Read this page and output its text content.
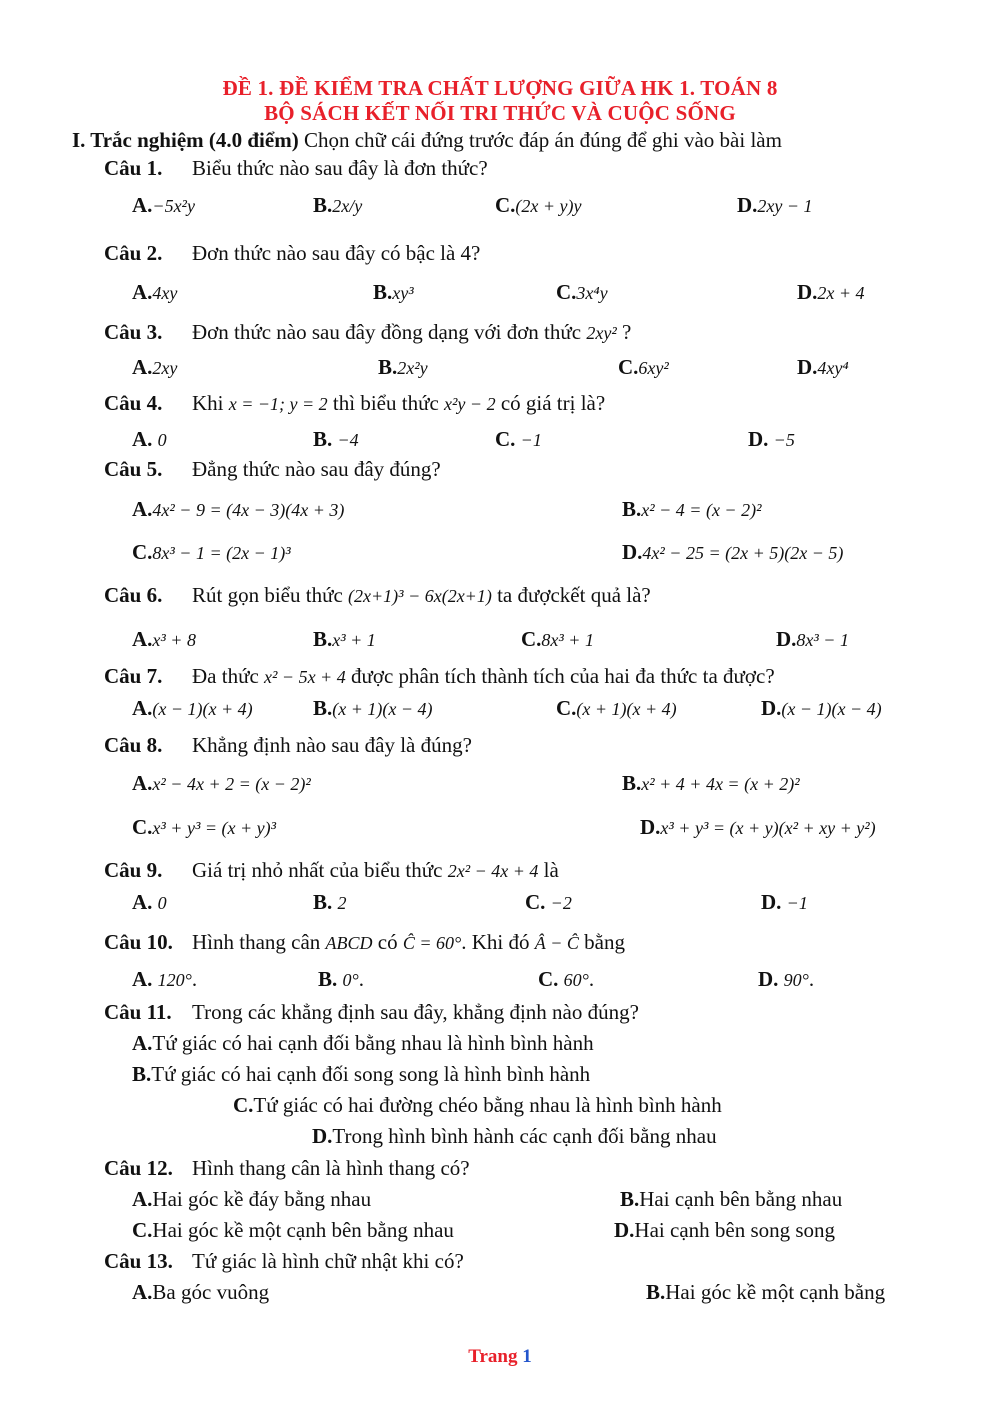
ĐỀ 1. ĐỀ KIỂM TRA CHẤT LƯỢNG GIỮA HK 1. TOÁN 8
BỘ SÁCH KẾT NỐI TRI THỨC VÀ CUỘC SỐNG
I. Trắc nghiệm (4.0 điểm) Chọn chữ cái đứng trước đáp án đúng để ghi vào bài làm
Câu 1. Biểu thức nào sau đây là đơn thức?
A.−5x²y	B.2x/y	C.(2x + y)y	D.2xy − 1
Câu 2. Đơn thức nào sau đây có bậc là 4?
A.4xy	B.xy³	C.3x⁴y	D.2x + 4
Câu 3. Đơn thức nào sau đây đồng dạng với đơn thức 2xy² ?
A.2xy	B.2x²y	C.6xy²	D.4xy⁴
Câu 4. Khi x = −1; y = 2 thì biểu thức x²y − 2 có giá trị là?
A. 0	B. −4	C. −1	D. −5
Câu 5. Đẳng thức nào sau đây đúng?
A.4x² − 9 = (4x − 3)(4x + 3)	B.x² − 4 = (x − 2)²
C.8x³ − 1 = (2x − 1)³	D.4x² − 25 = (2x + 5)(2x − 5)
Câu 6. Rút gọn biểu thức (2x+1)³ − 6x(2x+1) ta đượckết quả là?
A.x³ + 8	B.x³ + 1	C.8x³ + 1	D.8x³ − 1
Câu 7. Đa thức x² − 5x + 4 được phân tích thành tích của hai đa thức ta được?
A.(x − 1)(x + 4)	B.(x + 1)(x − 4)	C.(x + 1)(x + 4)	D.(x − 1)(x − 4)
Câu 8. Khẳng định nào sau đây là đúng?
A.x² − 4x + 2 = (x − 2)²	B.x² + 4 + 4x = (x + 2)²
C.x³ + y³ = (x + y)³	D.x³ + y³ = (x + y)(x² + xy + y²)
Câu 9. Giá trị nhỏ nhất của biểu thức 2x² − 4x + 4 là
A. 0	B. 2	C. −2	D. −1
Câu 10. Hình thang cân ABCD có Ĉ = 60°. Khi đó Â − Ĉ bằng
A. 120°.	B. 0°.	C. 60°.	D. 90°.
Câu 11. Trong các khẳng định sau đây, khẳng định nào đúng?
A.Tứ giác có hai cạnh đối bằng nhau là hình bình hành
B.Tứ giác có hai cạnh đối song song là hình bình hành
C.Tứ giác có hai đường chéo bằng nhau là hình bình hành
D.Trong hình bình hành các cạnh đối bằng nhau
Câu 12. Hình thang cân là hình thang có?
A.Hai góc kề đáy bằng nhau	B.Hai cạnh bên bằng nhau
C.Hai góc kề một cạnh bên bằng nhau	D.Hai cạnh bên song song
Câu 13. Tứ giác là hình chữ nhật khi có?
A.Ba góc vuông	B.Hai góc kề một cạnh bằng
Trang 1
